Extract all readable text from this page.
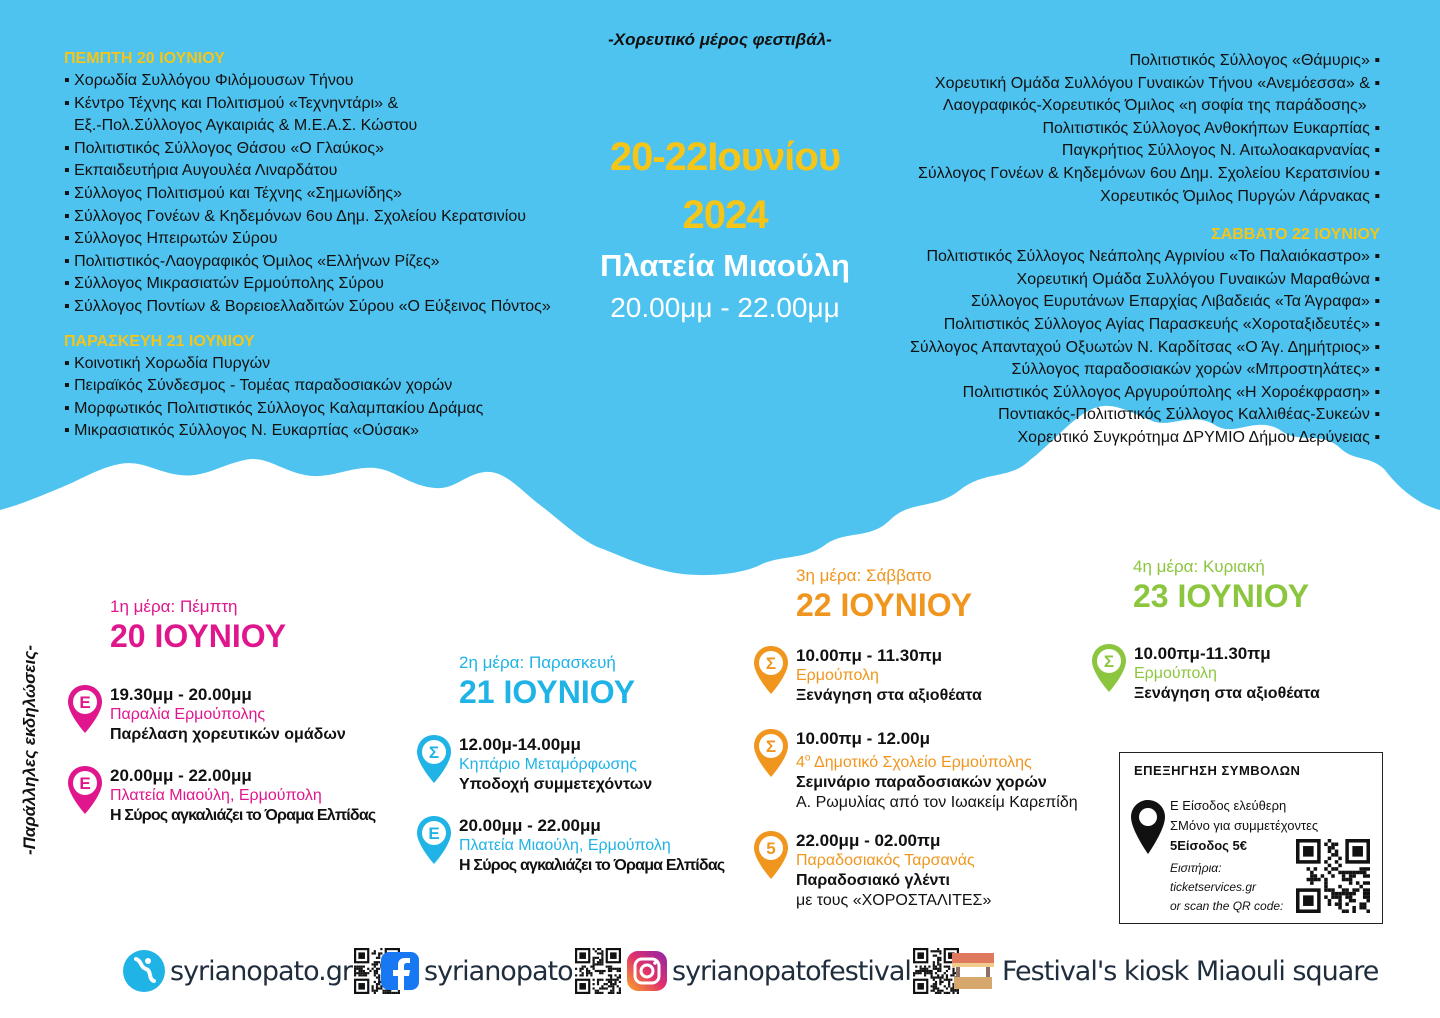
-Χορευτικό μέρος φεστιβάλ-
ΠΕΜΠΤΗ 20 ΙΟΥΝΙΟΥ
▪ Χορωδία Συλλόγου Φιλόμουσων Τήνου
▪ Κέντρο Τέχνης και Πολιτισμού «Τεχνηντάρι» &
Εξ.-Πολ.Σύλλογος Αγκαιριάς & Μ.Ε.Α.Σ. Κώστου
▪ Πολιτιστικός Σύλλογος Θάσου «Ο Γλαύκος»
▪ Εκπαιδευτήρια Αυγουλέα Λιναρδάτου
▪ Σύλλογος Πολιτισμού και Τέχνης «Σημωνίδης»
▪ Σύλλογος Γονέων & Κηδεμόνων 6ου Δημ. Σχολείου Κερατσινίου
▪ Σύλλογος Ηπειρωτών Σύρου
▪ Πολιτιστικός-Λαογραφικός Όμιλος «Ελλήνων Ρίζες»
▪ Σύλλογος Μικρασιατών Ερμούπολης Σύρου
▪ Σύλλογος Ποντίων & Βορειοελλαδιτών Σύρου «Ο Εύξεινος Πόντος»
ΠΑΡΑΣΚΕΥΗ 21 ΙΟΥΝΙΟΥ
▪ Κοινοτική Χορωδία Πυργών
▪ Πειραϊκός Σύνδεσμος - Τομέας παραδοσιακών χορών
▪ Μορφωτικός Πολιτιστικός Σύλλογος Καλαμπακίου Δράμας
▪ Μικρασιατικός Σύλλογος Ν. Ευκαρπίας «Ούσακ»
20-22Ιουνίου
2024
Πλατεία Μιαούλη
20.00μμ - 22.00μμ
Πολιτιστικός Σύλλογος «Θάμυρις» ▪
Χορευτική Ομάδα Συλλόγου Γυναικών Τήνου «Ανεμόεσσα» & ▪
Λαογραφικός-Χορευτικός Όμιλος «η σοφία της παράδοσης»
Πολιτιστικός Σύλλογος Ανθοκήπων Ευκαρπίας ▪
Παγκρήτιος Σύλλογος Ν. Αιτωλοακαρνανίας ▪
Σύλλογος Γονέων & Κηδεμόνων 6ου Δημ. Σχολείου Κερατσινίου ▪
Χορευτικός Όμιλος Πυργών Λάρνακας ▪
ΣΑΒΒΑΤΟ 22 ΙΟΥΝΙΟΥ
Πολιτιστικός Σύλλογος Νεάπολης Αγρινίου «Το Παλαιόκαστρο» ▪
Χορευτική Ομάδα Συλλόγου Γυναικών Μαραθώνα ▪
Σύλλογος Ευρυτάνων Επαρχίας Λιβαδειάς «Τα Άγραφα» ▪
Πολιτιστικός Σύλλογος Αγίας Παρασκευής «Χοροταξιδευτές» ▪
Σύλλογος Απανταχού Οξυωτών Ν. Καρδίτσας «Ο Άγ. Δημήτριος» ▪
Σύλλογος παραδοσιακών χορών «Μπροστηλάτες» ▪
Πολιτιστικός Σύλλογος Αργυρούπολης «Η Χοροέκφραση» ▪
Ποντιακός-Πολιτιστικός Σύλλογος Καλλιθέας-Συκεών ▪
Χορευτικό Συγκρότημα ΔΡΥΜΙΟ Δήμου Δερύνειας ▪
-Παράλληλες εκδηλώσεις-
1η μέρα: Πέμπτη
20 ΙΟΥΝΙΟΥ
Ε 19.30μμ - 20.00μμ
Παραλία Ερμούπολης
Παρέλαση χορευτικών ομάδων
Ε 20.00μμ - 22.00μμ
Πλατεία Μιαούλη, Ερμούπολη
Η Σύρος αγκαλιάζει το Όραμα Ελπίδας
2η μέρα: Παρασκευή
21 ΙΟΥΝΙΟΥ
Σ 12.00μ-14.00μμ
Κηπάριο Μεταμόρφωσης
Υποδοχή συμμετεχόντων
Ε 20.00μμ - 22.00μμ
Πλατεία Μιαούλη, Ερμούπολη
Η Σύρος αγκαλιάζει το Όραμα Ελπίδας
3η μέρα: Σάββατο
22 ΙΟΥΝΙΟΥ
Σ 10.00πμ - 11.30πμ
Ερμούπολη
Ξενάγηση στα αξιοθέατα
Σ 10.00πμ - 12.00μ
$4^o$ Δημοτικό Σχολείο Ερμούπολης
Σεμινάριο παραδοσιακών χορών
Α. Ρωμυλίας από τον Ιωακείμ Καρεπίδη
5 22.00μμ - 02.00πμ
Παραδοσιακός Ταρσανάς
Παραδοσιακό γλέντι
με τους «ΧΟΡΟΣΤΑΛΙΤΕΣ»
4η μέρα: Κυριακή
23 ΙΟΥΝΙΟΥ
Σ 10.00πμ-11.30πμ
Ερμούπολη
Ξενάγηση στα αξιοθέατα
ΕΠΕΞΗΓΗΣΗ ΣΥΜΒΟΛΩΝ
Ε Είσοδος ελεύθερη
ΣΜόνο για συμμετέχοντες
5Είσοδος 5€
Εισιτήρια:
ticketservices.gr
or scan the QR code:
syrianopato.gr	syrianopato	syrianopatofestival	Festival's kiosk Miaouli square
